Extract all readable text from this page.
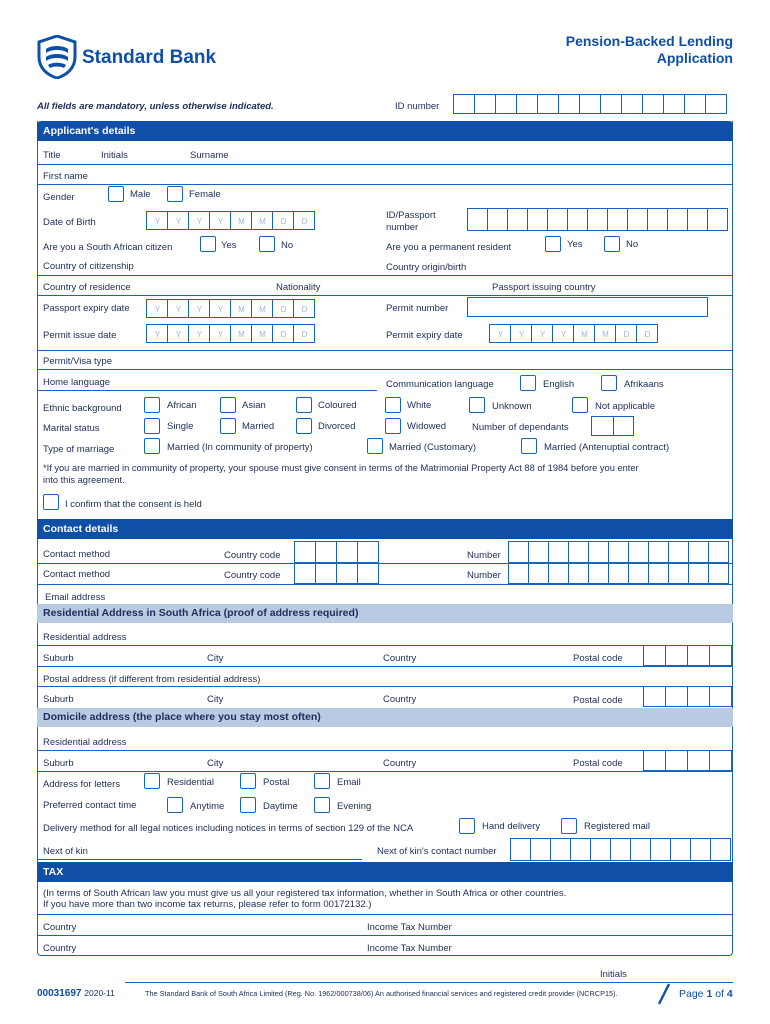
Standard Bank
Pension-Backed Lending
Application
All fields are mandatory, unless otherwise indicated.	ID number
Applicant's details
Title	Initials	Surname
First name
Gender	Male	Female
Date of Birth	Y	Y	Y	Y	M	M	D	D
ID/Passport
number
Are you a South African citizen	Yes	No	Are you a permanent resident	Yes	No
Country of citizenship	Country origin/birth
Country of residence	Nationality	Passport issuing country
Passport expiry date	Y	Y	Y	Y	M	M	D	D	Permit number
Permit issue date	Y	Y	Y	Y	M	M	D	D	Permit expiry date	Y	Y	Y	Y	M	M	D	D
Permit/Visa type
Home language	Communication language	English	Afrikaans
Ethnic background	African	Asian	Coloured	White	Unknown	Not applicable
Marital status	Single	Married	Divorced	Widowed	Number of dependants
Type of marriage	Married (In community of property)	Married (Customary)	Married (Antenuptial contract)
*If you are married in community of property, your spouse must give consent in terms of the Matrimonial Property Act 88 of 1984 before you enter
into this agreement.
I confirm that the consent is held
Contact details
Contact method	Country code	Number
Contact method	Country code	Number
Email address
Residential Address in South Africa (proof of address required)
Residential address
Suburb	City	Country	Postal code
Postal address (if different from residential address)
Suburb	City	Country	Postal code
Domicile address (the place where you stay most often)
Residential address
Suburb	City	Country	Postal code
Address for letters	Residential	Postal	Email
Preferred contact time	Anytime	Daytime	Evening
Delivery method for all legal notices including notices in terms of section 129 of the NCA	Hand delivery	Registered mail
Next of kin	Next of kin's contact number
TAX
(In terms of South African law you must give us all your registered tax information, whether in South Africa or other countries.
If you have more than two income tax returns, please refer to form 00172132.)
Country	Income Tax Number
Country	Income Tax Number
Initials
00031697 2020-11	The Standard Bank of South Africa Limited (Reg. No. 1962/000738/06) An authorised financial services and registered credit provider (NCRCP15).	Page 1 of 4
